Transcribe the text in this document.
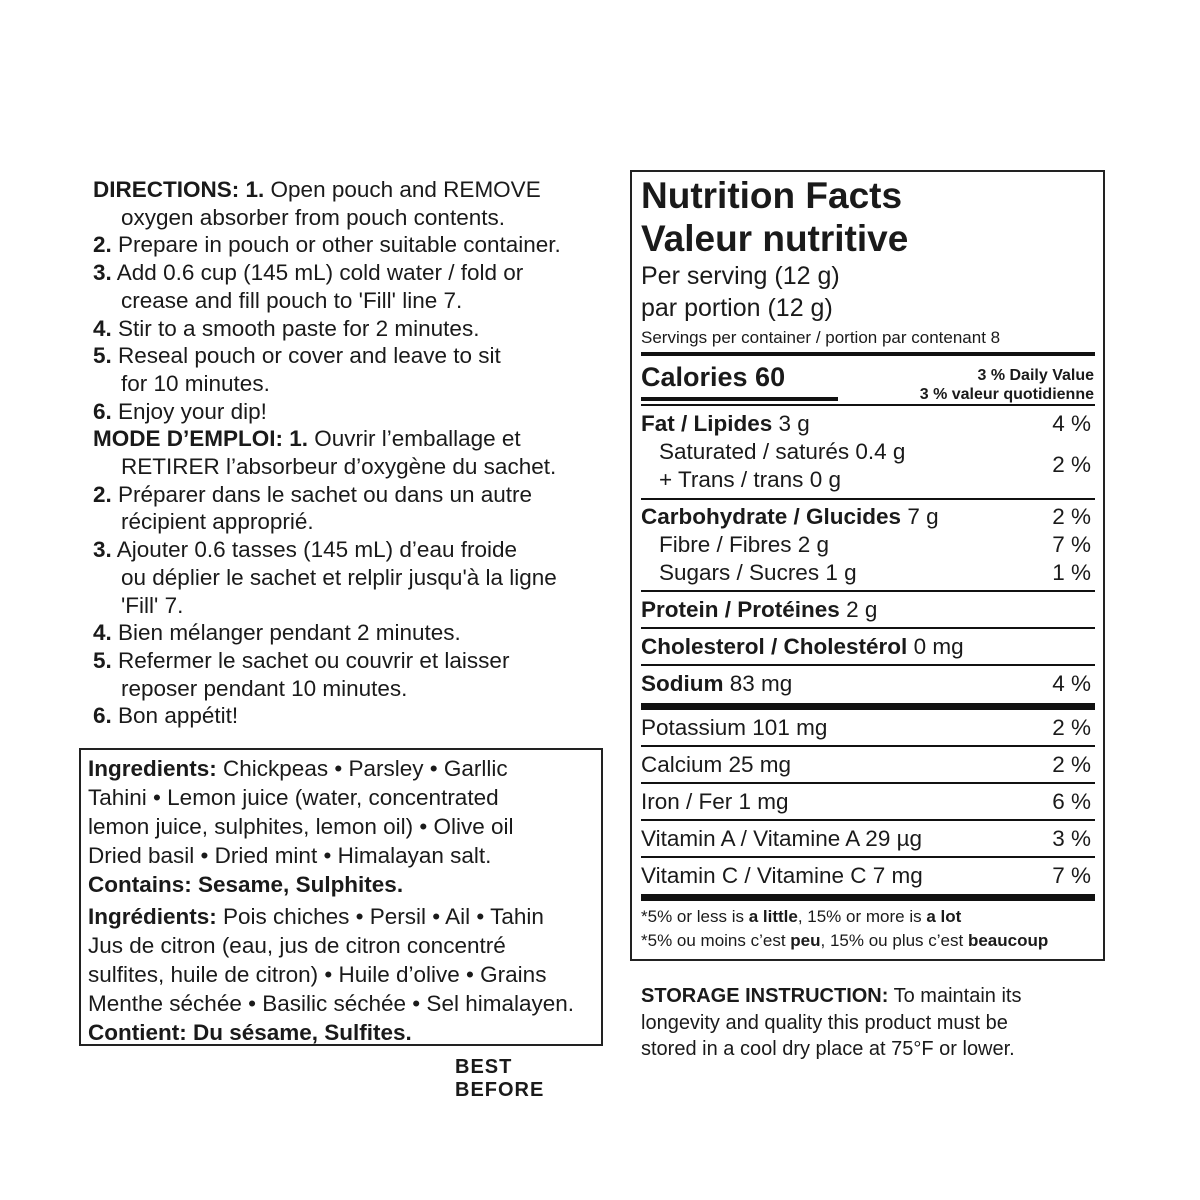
DIRECTIONS: 1. Open pouch and REMOVE
oxygen absorber from pouch contents.
2. Prepare in pouch or other suitable container.
3. Add 0.6 cup (145 mL) cold water / fold or
crease and fill pouch to 'Fill' line 7.
4. Stir to a smooth paste for 2 minutes.
5. Reseal pouch or cover and leave to sit
for 10 minutes.
6. Enjoy your dip!
MODE D’EMPLOI: 1. Ouvrir l’emballage et
RETIRER l’absorbeur d’oxygène du sachet.
2. Préparer dans le sachet ou dans un autre
récipient approprié.
3. Ajouter 0.6 tasses (145 mL) d’eau froide
ou déplier le sachet et relplir jusqu'à la ligne
'Fill' 7.
4. Bien mélanger pendant 2 minutes.
5. Refermer le sachet ou couvrir et laisser
reposer pendant 10 minutes.
6. Bon appétit!
Ingredients: Chickpeas • Parsley • Garllic
Tahini • Lemon juice (water, concentrated
lemon juice, sulphites, lemon oil) • Olive oil
Dried basil • Dried mint • Himalayan salt.
Contains: Sesame, Sulphites.
Ingrédients: Pois chiches • Persil • Ail • Tahin
Jus de citron (eau, jus de citron concentré
sulfites, huile de citron) • Huile d’olive • Grains
Menthe séchée • Basilic séchée • Sel himalayen.
Contient: Du sésame, Sulfites.
BEST BEFORE
Nutrition Facts
Valeur nutritive
Per serving (12 g)
par portion (12 g)
Servings per container / portion par contenant 8
Calories 60	3 % Daily Value
3 % valeur quotidienne
Fat / Lipides 3 g	4 %
Saturated / saturés 0.4 g
+ Trans / trans 0 g
2 %
Carbohydrate / Glucides 7 g	2 %
Fibre / Fibres 2 g	7 %
Sugars / Sucres 1 g	1 %
Protein / Protéines 2 g
Cholesterol / Cholestérol 0 mg
Sodium 83 mg	4 %
Potassium 101 mg	2 %
Calcium 25 mg	2 %
Iron / Fer 1 mg	6 %
Vitamin A / Vitamine A 29 µg	3 %
Vitamin C / Vitamine C 7 mg	7 %
*5% or less is a little, 15% or more is a lot
*5% ou moins c’est peu, 15% ou plus c’est beaucoup
STORAGE INSTRUCTION: To maintain its
longevity and quality this product must be
stored in a cool dry place at 75°F or lower.
